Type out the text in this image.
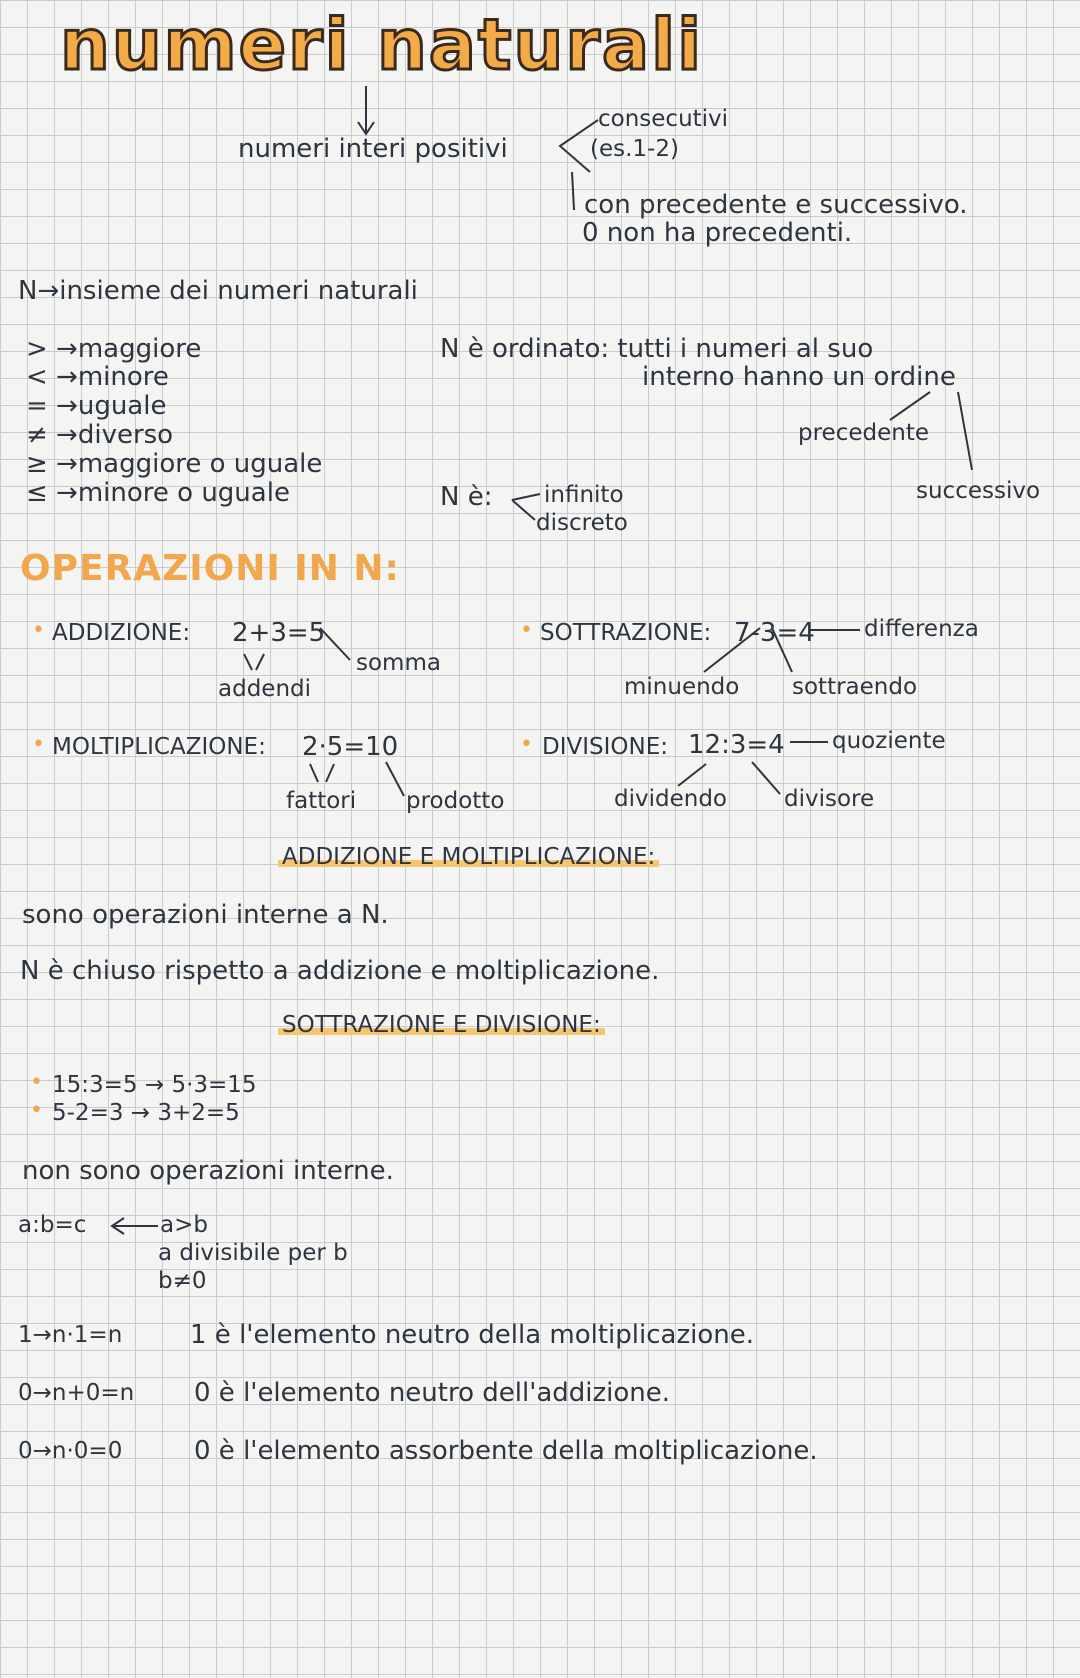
numeri naturali
numeri interi positivi
consecutivi
(es.1-2)
con precedente e successivo.
0 non ha precedenti.
N→insieme dei numeri naturali
> →maggiore
< →minore
= →uguale
≠ →diverso
≥ →maggiore o uguale
≤ →minore o uguale
N è ordinato: tutti i numeri al suo
interno hanno un ordine
precedente
successivo
N è: infinito
discreto
OPERAZIONI IN N:
• ADDIZIONE: 2+3=5
somma
addendi
• SOTTRAZIONE: 7-3=4 differenza
minuendo sottraendo
• MOLTIPLICAZIONE: 2·5=10
fattori prodotto
• DIVISIONE: 12:3=4 quoziente
dividendo divisore
ADDIZIONE E MOLTIPLICAZIONE:
sono operazioni interne a N.
N è chiuso rispetto a addizione e moltiplicazione.
SOTTRAZIONE E DIVISIONE:
• 15:3=5 → 5·3=15
• 5-2=3 → 3+2=5
non sono operazioni interne.
a:b=c	a>b
a divisibile per b
b≠0
1→n·1=n	1 è l'elemento neutro della moltiplicazione.
0→n+0=n 0 è l'elemento neutro dell'addizione.
0→n·0=0	0 è l'elemento assorbente della moltiplicazione.
